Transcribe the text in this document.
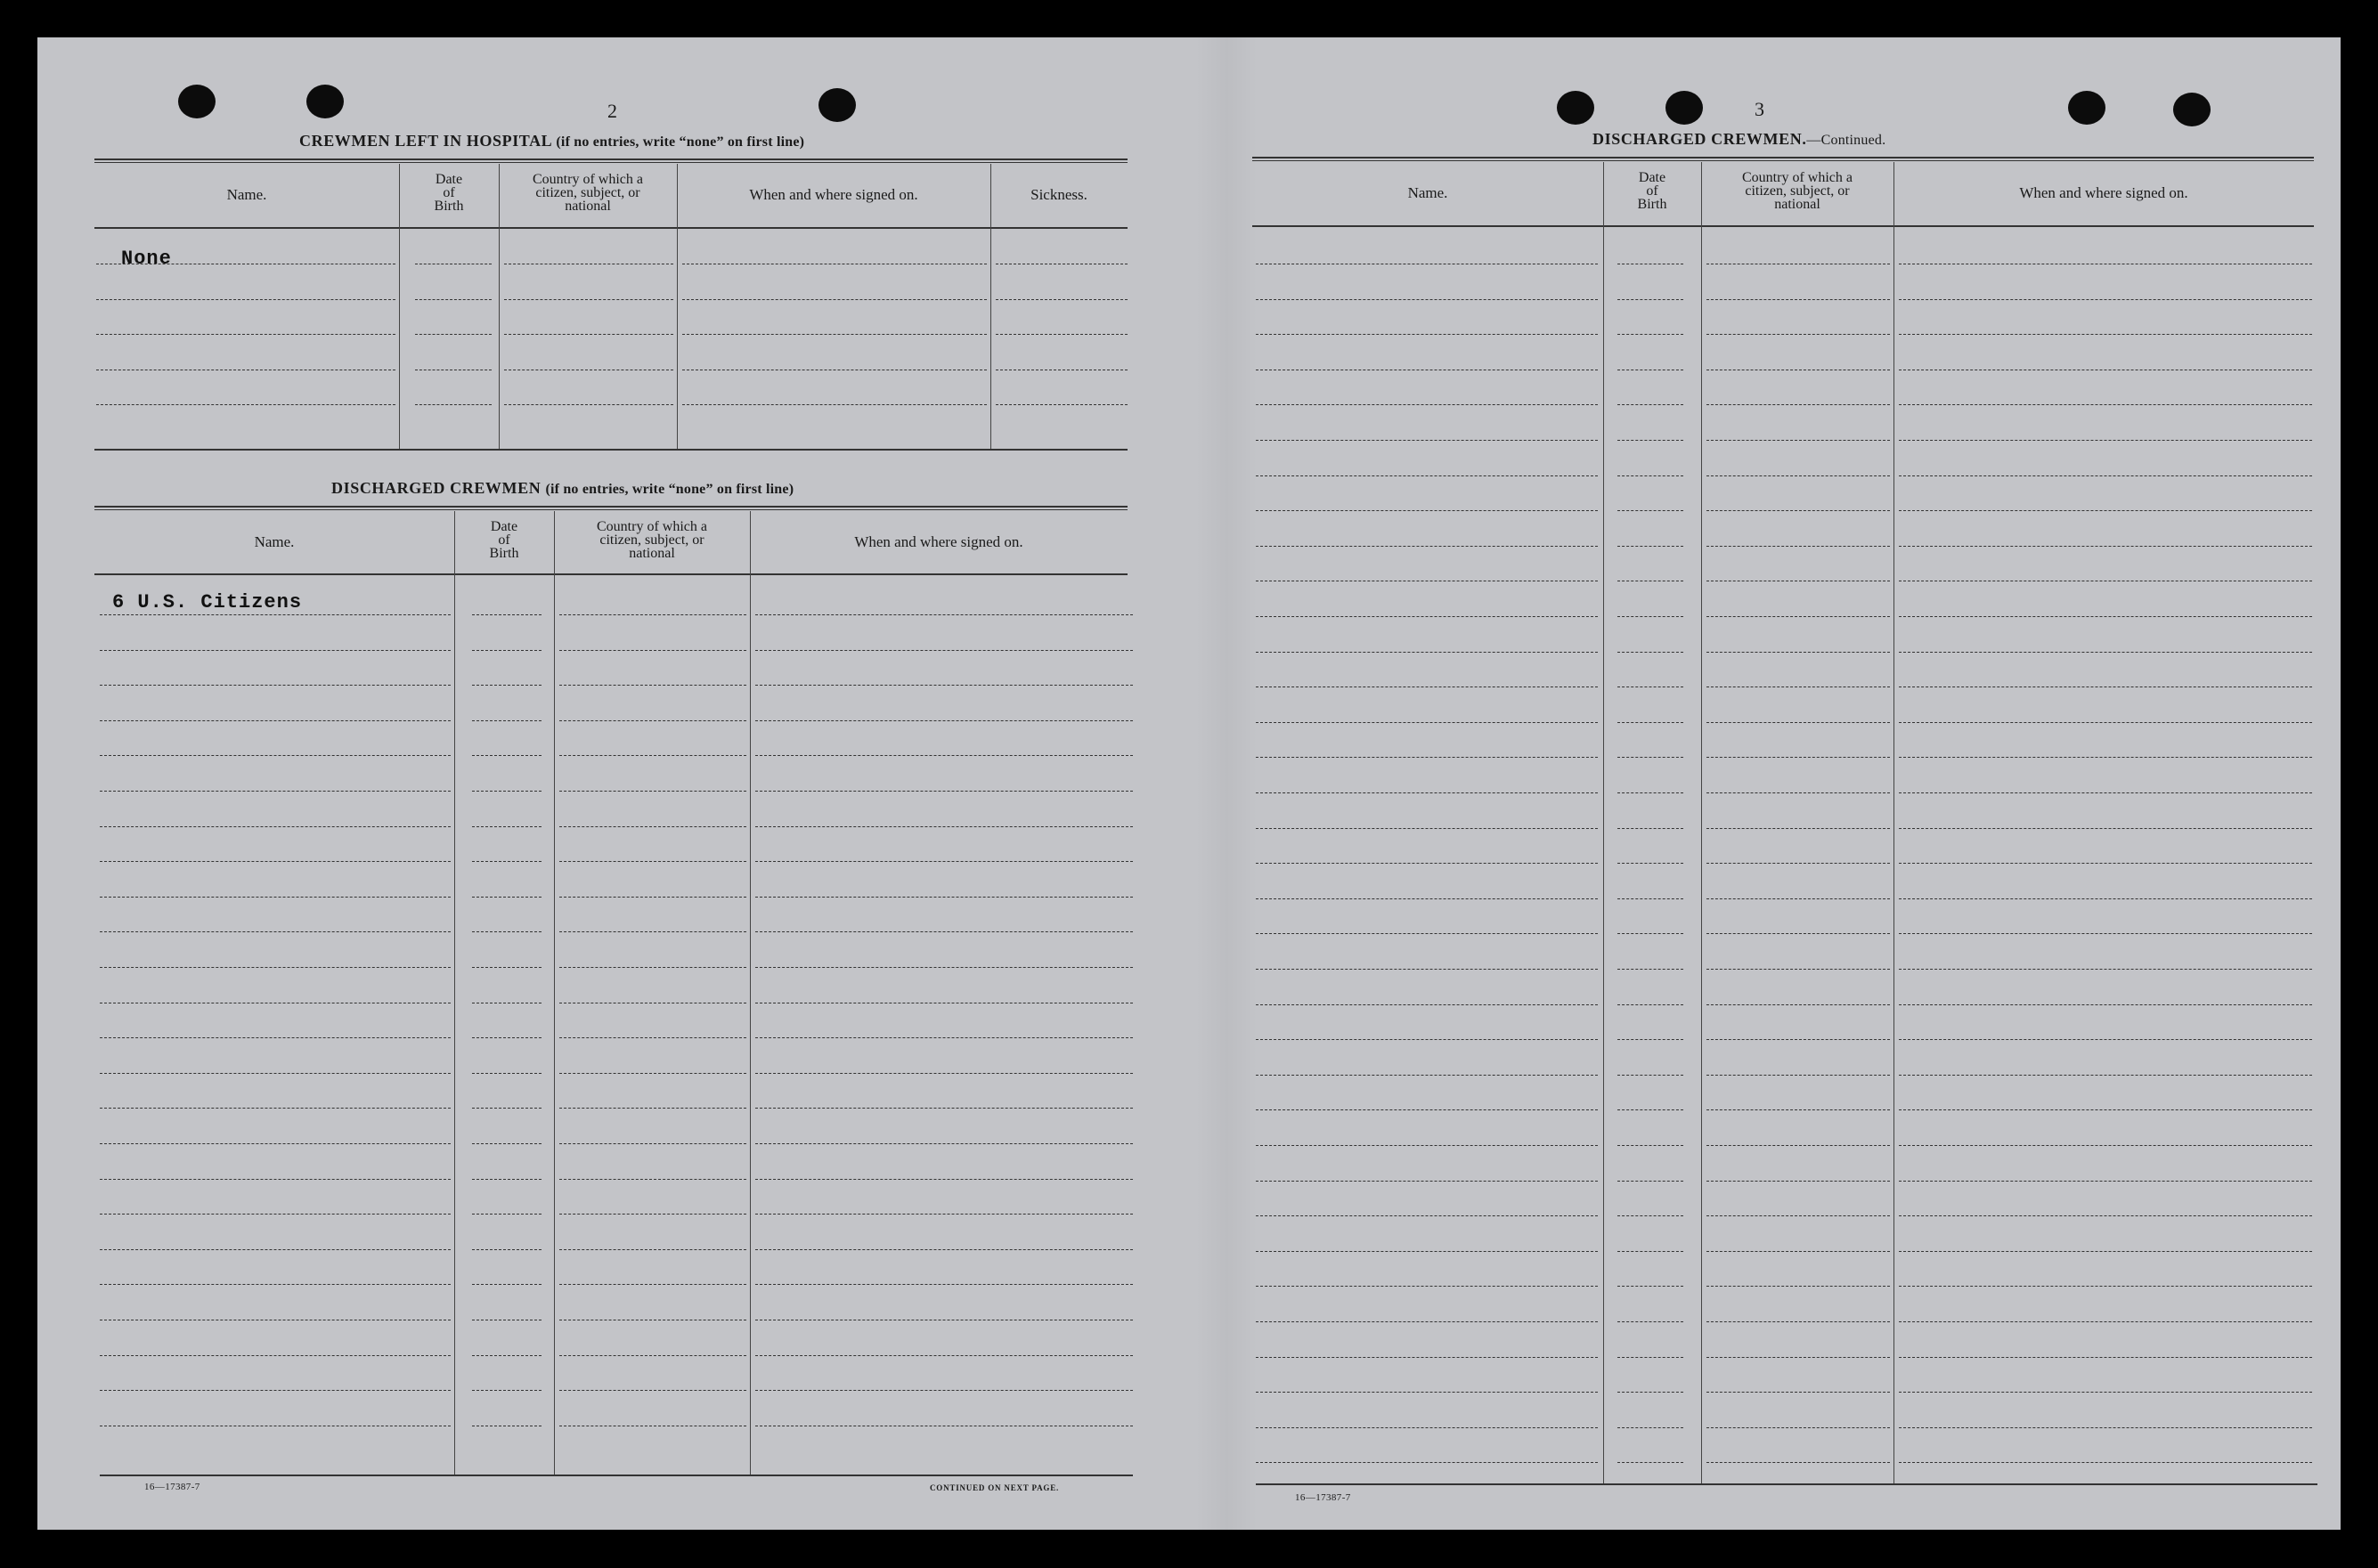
2
CREWMEN LEFT IN HOSPITAL (if no entries, write “none” on first line)
Name.
Date
of
Birth
Country of which a
citizen, subject, or
national
When and where signed on.	Sickness.
None
DISCHARGED CREWMEN (if no entries, write “none” on first line)
Name.
Date
of
Birth
Country of which a
citizen, subject, or
national
When and where signed on.
6 U.S. Citizens
16—17387-7	CONTINUED ON NEXT PAGE.
3
DISCHARGED CREWMEN.—Continued.
Name.
Date
of
Birth
Country of which a
citizen, subject, or
national
When and where signed on.
16—17387-7
